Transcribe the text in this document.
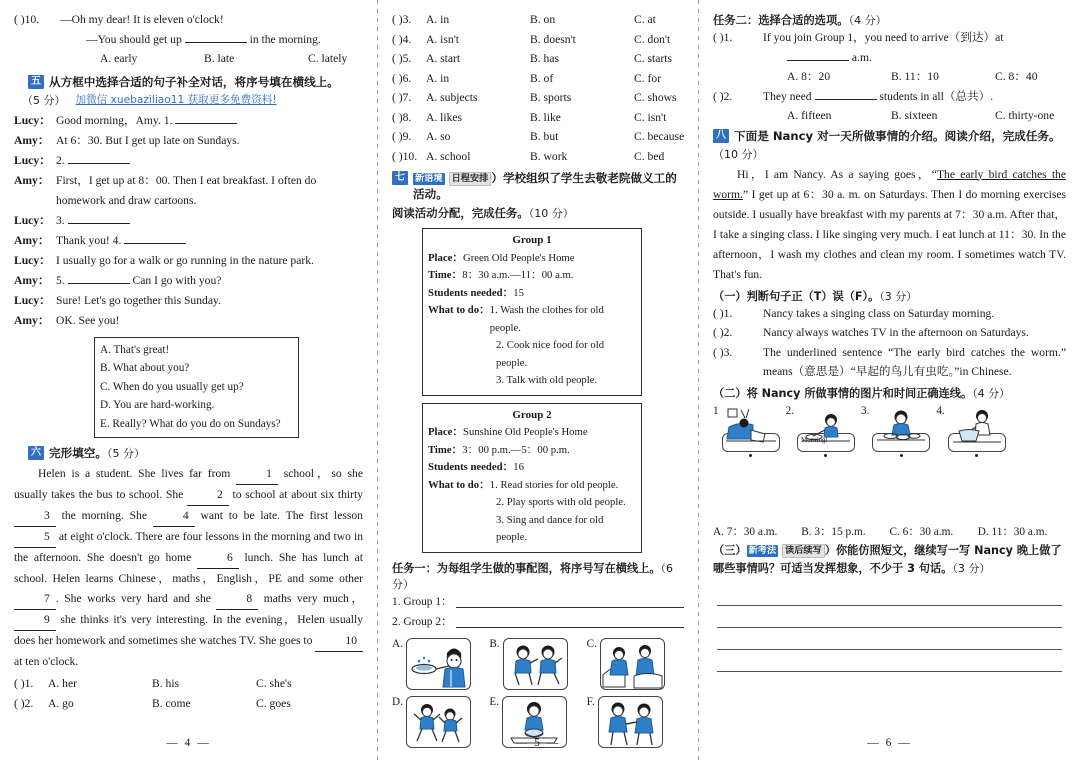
( )10.	—Oh my dear! It is eleven o'clock!
—You should get up	in the morning.
A. early	B. late	C. lately
五 从方框中选择合适的句子补全对话，将序号填在横线上。
（5 分） 加微信 xuebaziliao11 获取更多免费资料!
Lucy： Good morning，Amy. 1.
Amy： At 6：30. But I get up late on Sundays.
Lucy： 2.
Amy： First，I get up at 8：00. Then I eat breakfast. I often do
homework and draw cartoons.
Lucy： 3.
Amy： Thank you! 4.
Lucy： I usually go for a walk or go running in the nature park.
Amy： 5.	Can I go with you?
Lucy： Sure! Let's go together this Sunday.
Amy： OK. See you!
A. That's great!
B. What about you?
C. When do you usually get up?
D. You are hard-working.
E. Really? What do you do on Sundays?
六 完形填空。（5 分）
Helen is a student. She lives far from	1 school，so she usually takes the bus to school. She	2 to school at about six thirty 3 the morning. She	4 want to be late. The first lesson 5 at eight o'clock. There are four lessons in the morning and two in the afternoon. She doesn't go home	6 lunch. She has lunch at school. Helen learns Chinese，maths，English，PE and some other 7 . She works very hard and she	8 maths very much，9 she thinks it's very interesting. In the evening，Helen usually does her homework and sometimes she watches TV. She goes to	10 at ten o'clock.
( )1.	A. her	B. his	C. she's
( )2.	A. go	B. come	C. goes
— 4 —
( )3.	A. in	B. on	C. at
( )4.	A. isn't	B. doesn't	C. don't
( )5.	A. start	B. has	C. starts
( )6.	A. in	B. of	C. for
( )7.	A. subjects	B. sports	C. shows
( )8.	A. likes	B. like	C. isn't
( )9.	A. so	B. but	C. because
( )10. A. school	B. work	C. bed
七	新语境 日程安排 ）学校组织了学生去敬老院做义工的活动。
阅读活动分配，完成任务。（10 分）
Group 1
Place： Green Old People's Home
Time： 8：30 a.m.—11：00 a.m.
Students needed： 15
What to do： 1. Wash the clothes for old people.
2. Cook nice food for old people.
3. Talk with old people.
Group 2
Place： Sunshine Old People's Home
Time： 3：00 p.m.—5：00 p.m.
Students needed： 16
What to do： 1. Read stories for old people.
2. Play sports with old people.
3. Sing and dance for old people.
任务一：为每组学生做的事配图，将序号写在横线上。（6 分）
1. Group 1：
2. Group 2：
A.	B.	C.
D.	E.	F.
— 5 —
任务二：选择合适的选项。（4 分）
( )1.	If you join Group 1，you need to arrive（到达）at
a.m.
A. 8：20	B. 11：10	C. 8：40
( )2.	They need	students in all（总共）.
A. fifteen	B. sixteen	C. thirty-one
八 下面是 Nancy 对一天所做事情的介绍。阅读介绍，完成任务。
（10 分）
Hi，I am Nancy. As a saying goes，“The early bird catches the worm.” I get up at 6：30 a. m. on Saturdays. Then I do morning exercises outside. I usually have breakfast with my parents at 7：30 a.m. After that，I take a singing class. I like singing very much. I eat lunch at 11：30. In the afternoon，I wash my clothes and clean my room. I sometimes watch TV. That's fun.
（一）判断句子正（T）误（F）。（3 分）
( )1.	Nancy takes a singing class on Saturday morning.
( )2.	Nancy always watches TV in the afternoon on Saturdays.
( )3.	The underlined sentence “The early bird catches the worm.” means（意思是）“早起的鸟儿有虫吃。”in Chinese.
（二）将 Nancy 所做事情的图片和时间正确连线。（4 分）
1	2.
Morning!
3.	4.
A. 7：30 a.m.	B. 3：15 p.m.	C. 6：30 a.m.	D. 11：30 a.m.
（三） 新考法 读后续写 ）你能仿照短文，继续写一写 Nancy 晚上做了哪些事情吗？可适当发挥想象，不少于 3 句话。（3 分）
— 6 —
